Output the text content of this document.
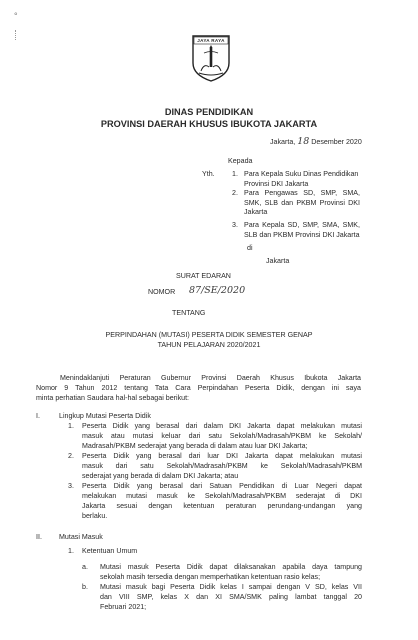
°
JAYA RAYA
DINAS PENDIDIKAN
PROVINSI DAERAH KHUSUS IBUKOTA JAKARTA
Jakarta, 18 Desember 2020
Kepada
Yth. 1. Para Kepala Suku Dinas Pendidikan
Provinsi DKI Jakarta
2. Para Pengawas SD, SMP, SMA,
SMK, SLB dan PKBM Provinsi DKI
Jakarta
3. Para Kepala SD, SMP, SMA, SMK,
SLB dan PKBM Provinsi DKI Jakarta
di
Jakarta
SURAT EDARAN
NOMOR 87/SE/2020
TENTANG
PERPINDAHAN (MUTASI) PESERTA DIDIK SEMESTER GENAP
TAHUN PELAJARAN 2020/2021
Menindaklanjuti Peraturan Gubernur Provinsi Daerah Khusus Ibukota Jakarta
Nomor 9 Tahun 2012 tentang Tata Cara Perpindahan Peserta Didik, dengan ini saya
minta perhatian Saudara hal-hal sebagai berikut:
I.	Lingkup Mutasi Peserta Didik
1. Peserta Didik yang berasal dari dalam DKI Jakarta dapat melakukan mutasi
masuk atau mutasi keluar dari satu Sekolah/Madrasah/PKBM ke Sekolah/
Madrasah/PKBM sederajat yang berada di dalam atau luar DKI Jakarta;
2. Peserta Didik yang berasal dari luar DKI Jakarta dapat melakukan mutasi
masuk dari satu Sekolah/Madrasah/PKBM ke Sekolah/Madrasah/PKBM
sederajat yang berada di dalam DKI Jakarta; atau
3. Peserta Didik yang berasal dari Satuan Pendidikan di Luar Negeri dapat
melakukan mutasi masuk ke Sekolah/Madrasah/PKBM sederajat di DKI
Jakarta sesuai dengan ketentuan peraturan perundang-undangan yang
berlaku.
II. Mutasi Masuk
1. Ketentuan Umum
a. Mutasi masuk Peserta Didik dapat dilaksanakan apabila daya tampung
sekolah masih tersedia dengan memperhatikan ketentuan rasio kelas;
b. Mutasi masuk bagi Peserta Didik kelas I sampai dengan V SD, kelas VII
dan VIII SMP, kelas X dan XI SMA/SMK paling lambat tanggal 20
Februari 2021;
